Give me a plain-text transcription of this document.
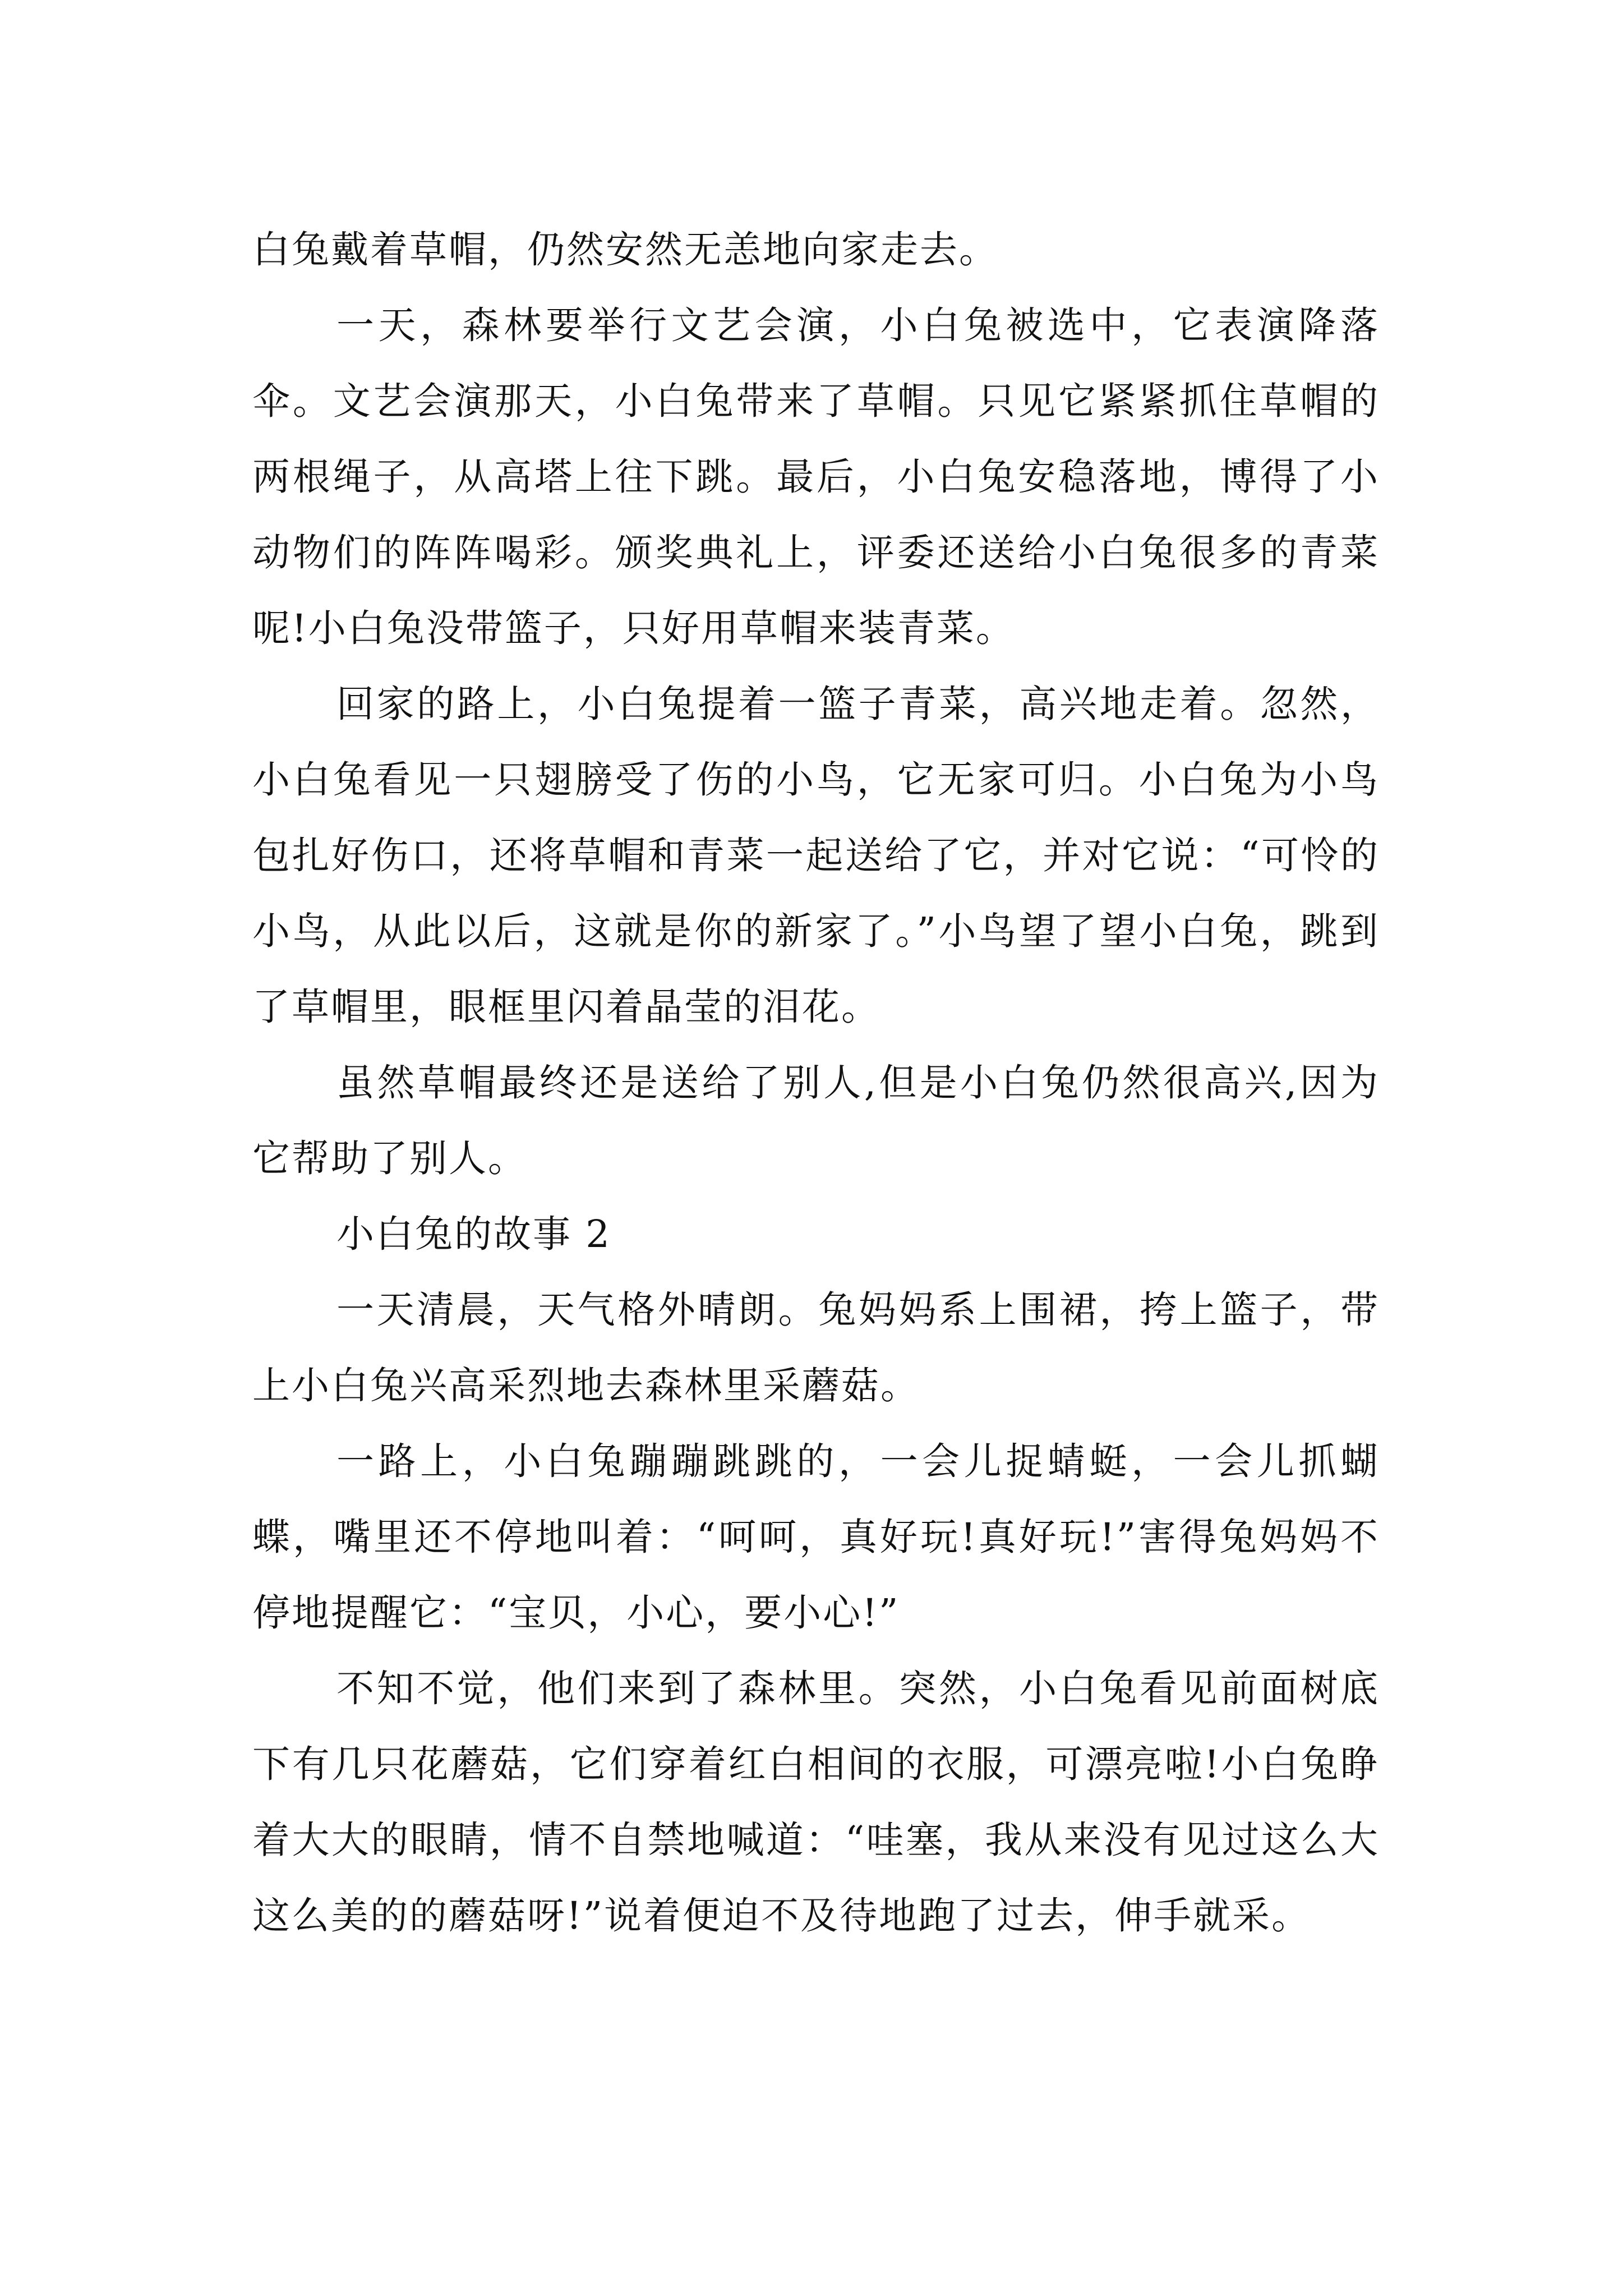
白兔戴着草帽，仍然安然无恙地向家走去。

一天，森林要举行文艺会演，小白兔被选中，它表演降落伞。文艺会演那天，小白兔带来了草帽。只见它紧紧抓住草帽的两根绳子，从高塔上往下跳。最后，小白兔安稳落地，博得了小动物们的阵阵喝彩。颁奖典礼上，评委还送给小白兔很多的青菜呢!小白兔没带篮子，只好用草帽来装青菜。

回家的路上，小白兔提着一篮子青菜，高兴地走着。忽然，小白兔看见一只翅膀受了伤的小鸟，它无家可归。小白兔为小鸟包扎好伤口，还将草帽和青菜一起送给了它，并对它说：“可怜的小鸟，从此以后，这就是你的新家了。”小鸟望了望小白兔，跳到了草帽里，眼框里闪着晶莹的泪花。

虽然草帽最终还是送给了别人,但是小白兔仍然很高兴,因为它帮助了别人。

小白兔的故事 2

一天清晨，天气格外晴朗。兔妈妈系上围裙，挎上篮子，带上小白兔兴高采烈地去森林里采蘑菇。

一路上，小白兔蹦蹦跳跳的，一会儿捉蜻蜓，一会儿抓蝴蝶，嘴里还不停地叫着：“呵呵，真好玩!真好玩!”害得兔妈妈不停地提醒它：“宝贝，小心，要小心!”

不知不觉，他们来到了森林里。突然，小白兔看见前面树底下有几只花蘑菇，它们穿着红白相间的衣服，可漂亮啦!小白兔睁着大大的眼睛，情不自禁地喊道：“哇塞，我从来没有见过这么大这么美的的蘑菇呀!”说着便迫不及待地跑了过去，伸手就采。
